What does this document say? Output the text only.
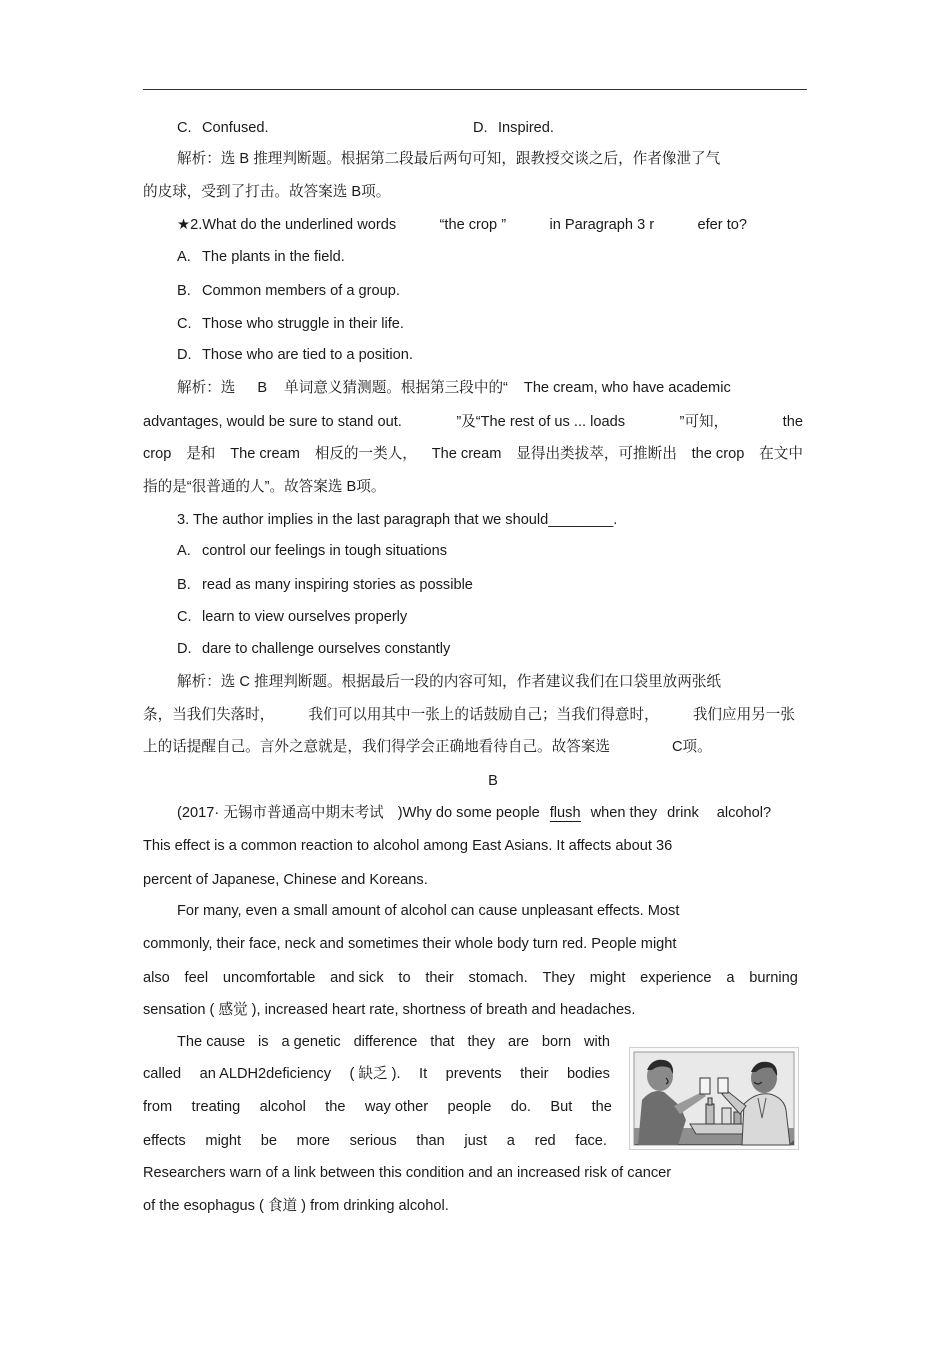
C. Confused.	D. Inspired.
解析：选 B 推理判断题。根据第二段最后两句可知，跟教授交谈之后，作者像泄了气
的皮球，受到了打击。故答案选 B项。
★2.What do the underlined words	“the crop ”	in Paragraph 3 r	efer to?
A. The plants in the field.
B. Common members of a group.
C. Those who struggle in their life.
D. Those who are tied to a position.
解析：选 B 单词意义猜测题。根据第三段中的“ The cream, who have academic
advantages, would be sure to stand out.	”及“The rest of us ... loads	”可知，	the
crop 是和 The cream 相反的一类人， The cream 显得出类拔萃，可推断出 the crop 在文中
指的是“很普通的人”。故答案选 B项。
3. The author implies in the last paragraph that we should________.
A. control our feelings in tough situations
B. read as many inspiring stories as possible
C. learn to view ourselves properly
D. dare to challenge ourselves constantly
解析：选 C 推理判断题。根据最后一段的内容可知，作者建议我们在口袋里放两张纸
条，当我们失落时， 我们可以用其中一张上的话鼓励自己；当我们得意时， 我们应用另一张
上的话提醒自己。言外之意就是，我们得学会正确地看待自己。故答案选	C项。
B
(2017· 无锡市普通高中期末考试 )Why do some people flush when they drink alcohol?
This effect is a common reaction to alcohol among East Asians. It affects about 36
percent of Japanese, Chinese and Koreans.
For many, even a small amount of alcohol can cause unpleasant effects. Most
commonly, their face, neck and sometimes their whole body turn red. People might
also feel uncomfortable and sick to their stomach. They might experience a burning
sensation ( 感觉 ), increased heart rate, shortness of breath and headaches.
The cause is a genetic difference that they are born with
called an ALDH2deficiency ( 缺乏 ). It prevents their bodies
from treating alcohol the way other people do. But the
effects might be more serious than just a red face.
Researchers warn of a link between this condition and an increased risk of cancer
of the esophagus ( 食道 ) from drinking alcohol.
